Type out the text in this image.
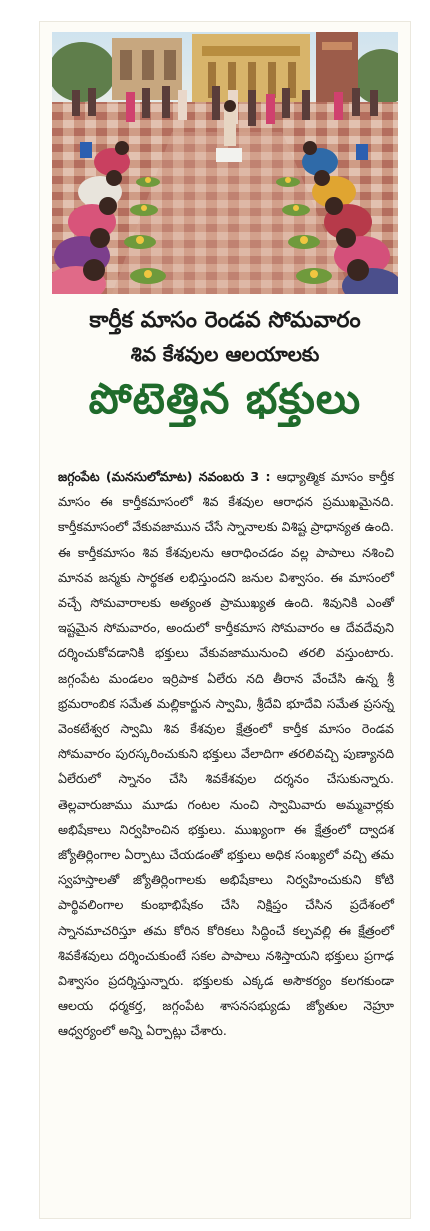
కార్తీక మాసం రెండవ సోమవారం
శివ కేశవుల ఆలయాలకు
పోటెత్తిన భక్తులు
జగ్గంపేట (మనసులోమాట) నవంబరు 3 : ఆధ్యాత్మిక మాసం కార్తీక మాసం ఈ కార్తీకమాసంలో శివ కేశవుల ఆరాధన ప్రముఖమైనది. కార్తీకమాసంలో వేకువజామున చేసే స్నానాలకు విశిష్ట ప్రాధాన్యత ఉంది. ఈ కార్తీకమాసం శివ కేశవులను ఆరాధించడం వల్ల పాపాలు నశించి మానవ జన్మకు సార్థకత లభిస్తుందని జనుల విశ్వాసం. ఈ మాసంలో వచ్చే సోమవారాలకు అత్యంత ప్రాముఖ్యత ఉంది. శివునికి ఎంతో ఇష్టమైన సోమవారం, అందులో కార్తీకమాస సోమవారం ఆ దేవదేవుని దర్శించుకోవడానికి భక్తులు వేకువజామునుంచి తరలి వస్తుంటారు. జగ్గంపేట మండలం ఇర్రిపాక ఏలేరు నది తీరాన వేంచేసి ఉన్న శ్రీ భ్రమరాంబిక సమేత మల్లికార్జున స్వామి, శ్రీదేవి భూదేవి సమేత ప్రసన్న వెంకటేశ్వర స్వామి శివ కేశవుల క్షేత్రంలో కార్తీక మాసం రెండవ సోమవారం పురస్కరించుకుని భక్తులు వేలాదిగా తరలివచ్చి పుణ్యానది ఏలేరులో స్నానం చేసి శివకేశవుల దర్శనం చేసుకున్నారు. తెల్లవారుజాము మూడు గంటల నుంచి స్వామివారు అమ్మవార్లకు అభిషేకాలు నిర్వహించిన భక్తులు. ముఖ్యంగా ఈ క్షేత్రంలో ద్వాదశ జ్యోతిర్లింగాల ఏర్పాటు చేయడంతో భక్తులు అధిక సంఖ్యలో వచ్చి తమ స్వహస్తాలతో జ్యోతిర్లింగాలకు అభిషేకాలు నిర్వహించుకుని కోటి పార్థివలింగాల కుంభాభిషేకం చేసి నిక్షిప్తం చేసిన ప్రదేశంలో స్నానమాచరిస్తూ తమ కోరిన కోరికలు సిద్ధించే కల్పవల్లి ఈ క్షేత్రంలో శివకేశవులు దర్శించుకుంటే సకల పాపాలు నశిస్తాయని భక్తులు ప్రగాఢ విశ్వాసం ప్రదర్శిస్తున్నారు. భక్తులకు ఎక్కడ అసౌకర్యం కలగకుండా ఆలయ ధర్మకర్త, జగ్గంపేట శాసనసభ్యుడు జ్యోతుల నెహ్రూ ఆధ్వర్యంలో అన్ని ఏర్పాట్లు చేశారు.
